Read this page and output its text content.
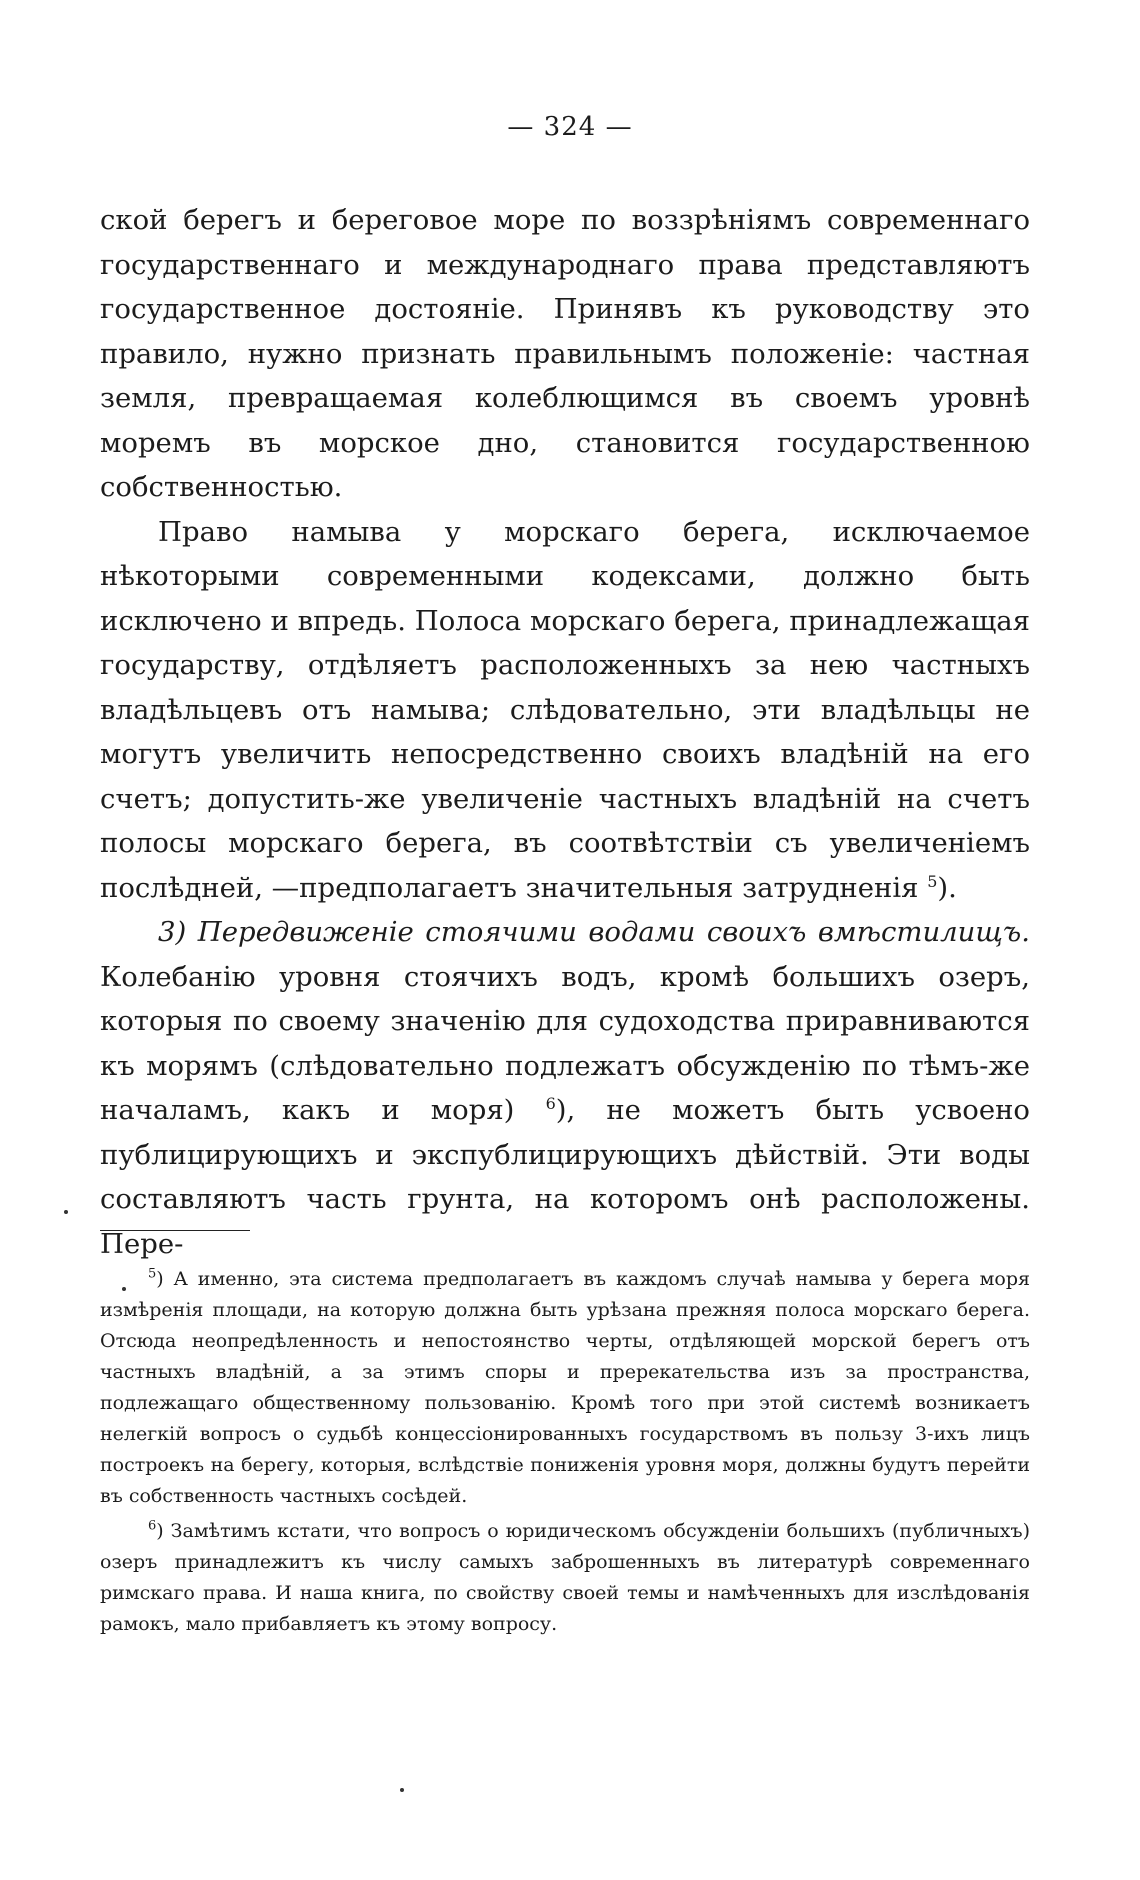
— 324 —

ской берегъ и береговое море по воззрѣніямъ современнаго государственнаго и международнаго права представляютъ государственное достояніе. Принявъ къ руководству это правило, нужно признать правильнымъ положеніе: частная земля, превращаемая колеблющимся въ своемъ уровнѣ моремъ въ морское дно, становится государственною собственностью.

Право намыва у морскаго берега, исключаемое нѣкоторыми современными кодексами, должно быть исключено и впредь. Полоса морскаго берега, принадлежащая государству, отдѣляетъ расположенныхъ за нею частныхъ владѣльцевъ отъ намыва; слѣдовательно, эти владѣльцы не могутъ увеличить непосредственно своихъ владѣній на его счетъ; допустить-же увеличеніе частныхъ владѣній на счетъ полосы морскаго берега, въ соотвѣтствіи съ увеличеніемъ послѣдней, —предполагаетъ значительныя затрудненія $^5$).

3) Передвиженіе стоячими водами своихъ вмѣстилищъ. Колебанію уровня стоячихъ водъ, кромѣ большихъ озеръ, которыя по своему значенію для судоходства приравниваются къ морямъ (слѣдовательно подлежатъ обсужденію по тѣмъ-же началамъ, какъ и моря) $^6$), не можетъ быть усвоено публицирующихъ и экспублицирующихъ дѣйствій. Эти воды составляютъ часть грунта, на которомъ онѣ расположены. Пере-

$^5$) А именно, эта система предполагаетъ въ каждомъ случаѣ намыва у берега моря измѣренія площади, на которую должна быть урѣзана прежняя полоса морскаго берега. Отсюда неопредѣленность и непостоянство черты, отдѣляющей морской берегъ отъ частныхъ владѣній, а за этимъ споры и пререкательства изъ за пространства, подлежащаго общественному пользованію. Кромѣ того при этой системѣ возникаетъ нелегкій вопросъ о судьбѣ концессіонированныхъ государствомъ въ пользу 3-ихъ лицъ построекъ на берегу, которыя, вслѣдствіе пониженія уровня моря, должны будутъ перейти въ собственность частныхъ сосѣдей.

$^6$) Замѣтимъ кстати, что вопросъ о юридическомъ обсужденіи большихъ (публичныхъ) озеръ принадлежитъ къ числу самыхъ заброшенныхъ въ литературѣ современнаго римскаго права. И наша книга, по свойству своей темы и намѣченныхъ для изслѣдованія рамокъ, мало прибавляетъ къ этому вопросу.
